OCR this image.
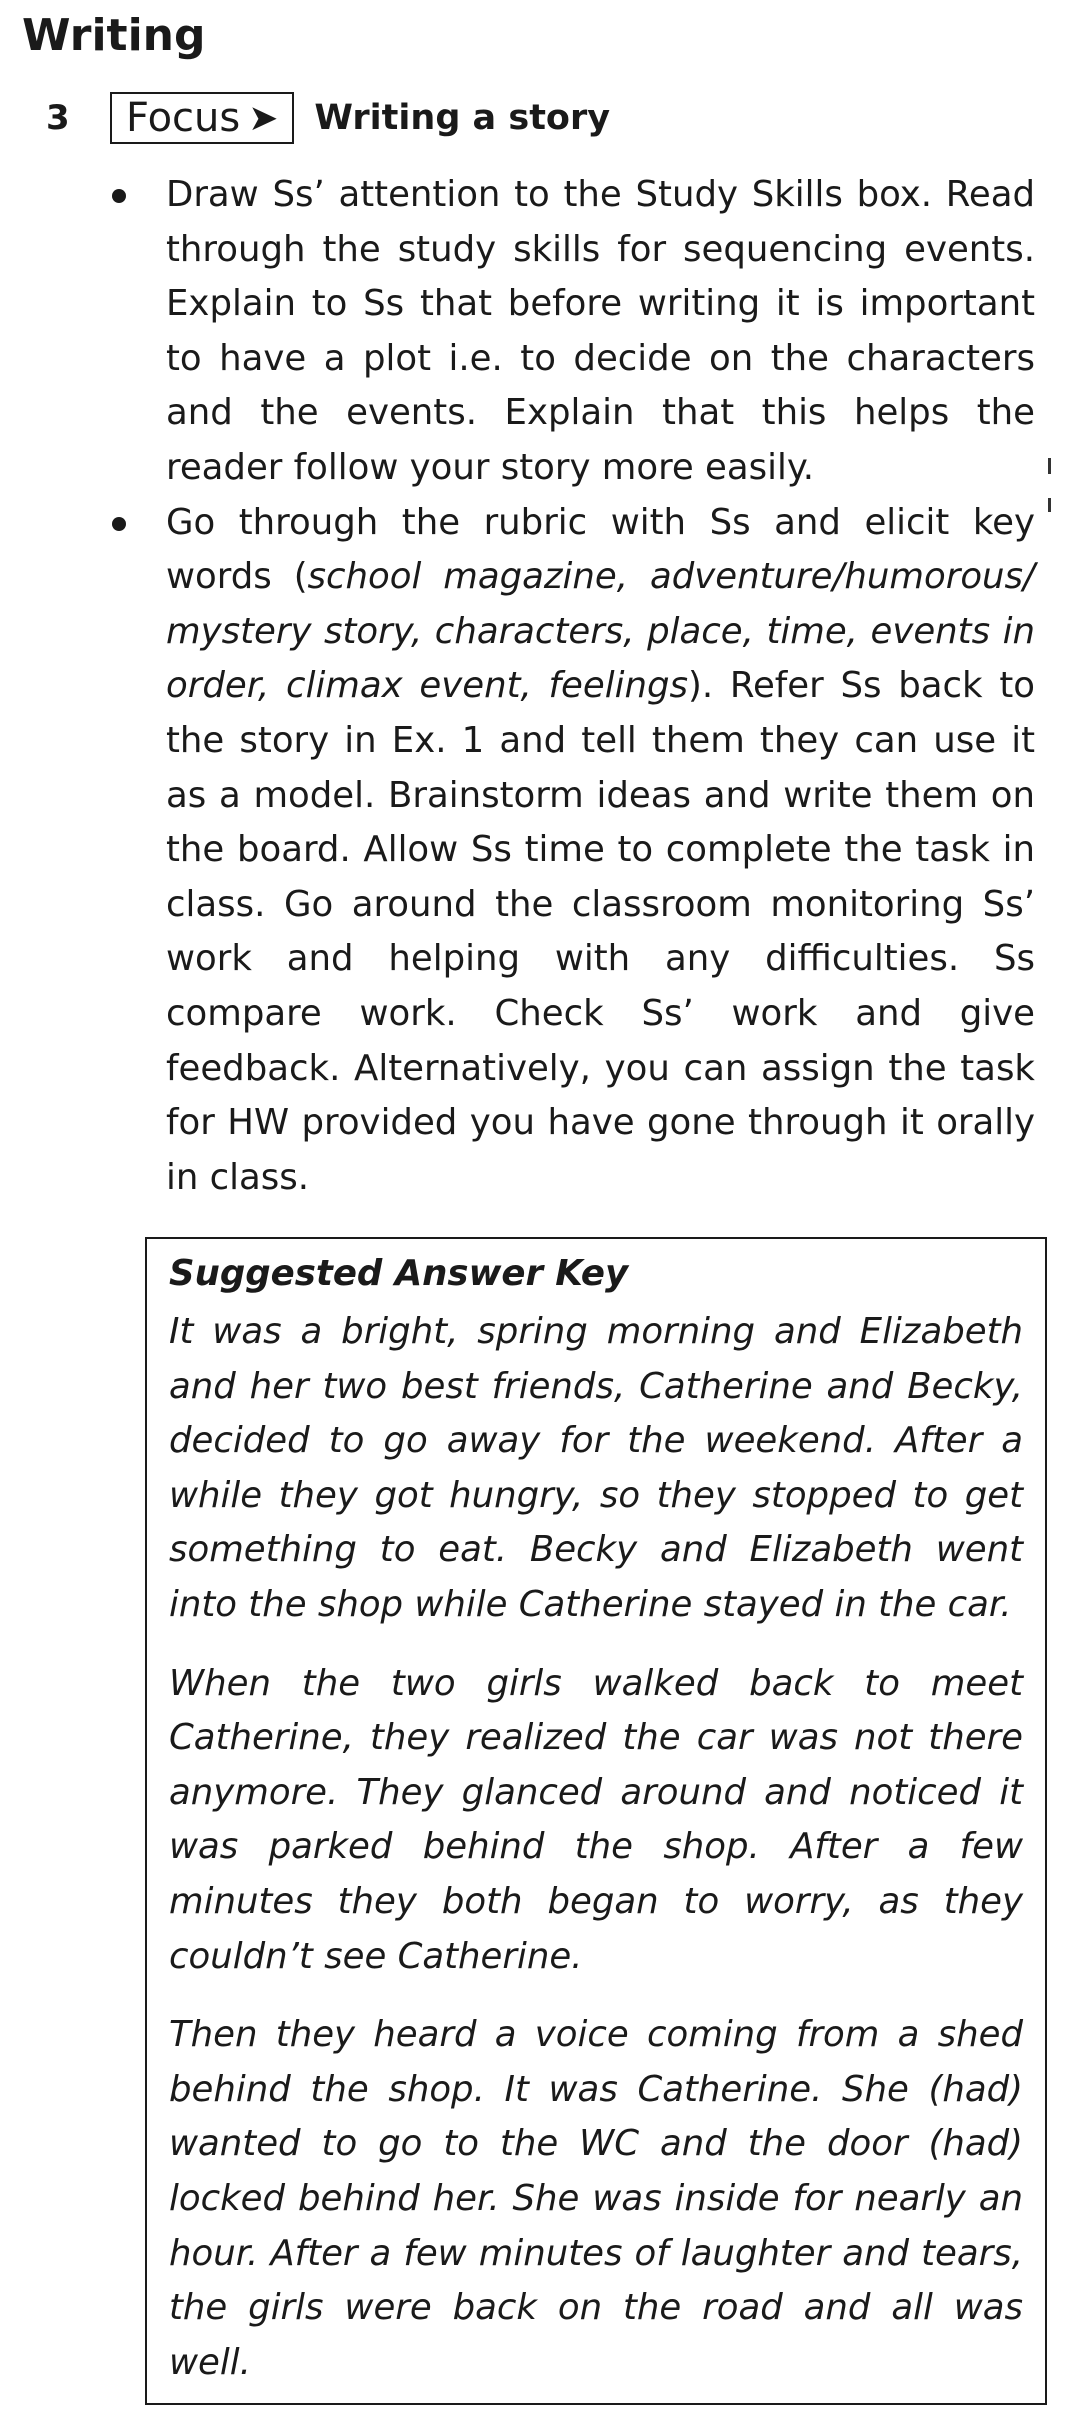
Writing
3	Focus ➤ Writing a story
Draw Ss’ attention to the Study Skills box. Read through the study skills for sequencing events. Explain to Ss that before writing it is important to have a plot i.e. to decide on the characters and the events. Explain that this helps the reader follow your story more easily.
Go through the rubric with Ss and elicit key words (school magazine, adventure/humorous/ mystery story, characters, place, time, events in order, climax event, feelings). Refer Ss back to the story in Ex. 1 and tell them they can use it as a model. Brainstorm ideas and write them on the board. Allow Ss time to complete the task in class. Go around the classroom monitoring Ss’ work and helping with any difficulties. Ss compare work. Check Ss’ work and give feedback. Alternatively, you can assign the task for HW provided you have gone through it orally in class.

Suggested Answer Key

It was a bright, spring morning and Elizabeth and her two best friends, Catherine and Becky, decided to go away for the weekend. After a while they got hungry, so they stopped to get something to eat. Becky and Elizabeth went into the shop while Catherine stayed in the car.

When the two girls walked back to meet Catherine, they realized the car was not there anymore. They glanced around and noticed it was parked behind the shop. After a few minutes they both began to worry, as they couldn’t see Catherine.

Then they heard a voice coming from a shed behind the shop. It was Catherine. She (had) wanted to go to the WC and the door (had) locked behind her. She was inside for nearly an hour. After a few minutes of laughter and tears, the girls were back on the road and all was well.
